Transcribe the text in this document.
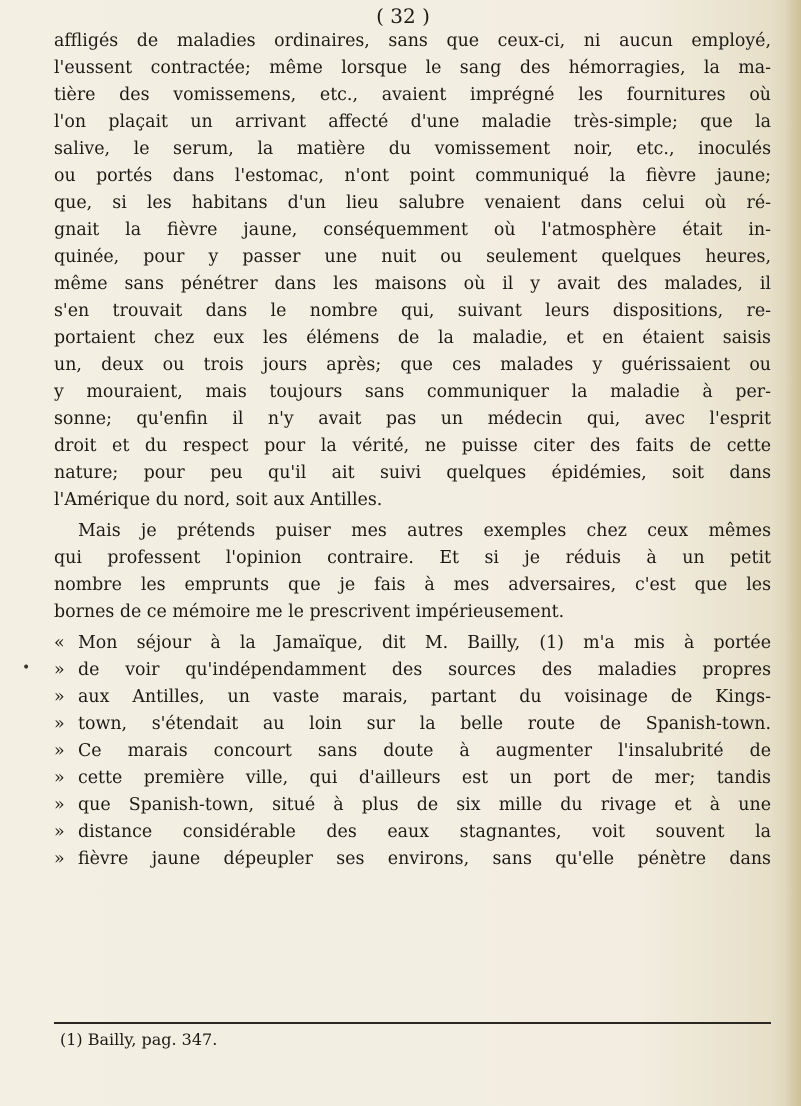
( 32 )
affligés de maladies ordinaires, sans que ceux-ci, ni aucun employé,
l'eussent contractée; même lorsque le sang des hémorragies, la ma-
tière des vomissemens, etc., avaient imprégné les fournitures où
l'on plaçait un arrivant affecté d'une maladie très-simple; que la
salive, le serum, la matière du vomissement noir, etc., inoculés
ou portés dans l'estomac, n'ont point communiqué la fièvre jaune;
que, si les habitans d'un lieu salubre venaient dans celui où ré-
gnait la fièvre jaune, conséquemment où l'atmosphère était in-
quinée, pour y passer une nuit ou seulement quelques heures,
même sans pénétrer dans les maisons où il y avait des malades, il
s'en trouvait dans le nombre qui, suivant leurs dispositions, re-
portaient chez eux les élémens de la maladie, et en étaient saisis
un, deux ou trois jours après; que ces malades y guérissaient ou
y mouraient, mais toujours sans communiquer la maladie à per-
sonne; qu'enfin il n'y avait pas un médecin qui, avec l'esprit
droit et du respect pour la vérité, ne puisse citer des faits de cette
nature; pour peu qu'il ait suivi quelques épidémies, soit dans
l'Amérique du nord, soit aux Antilles.
Mais je prétends puiser mes autres exemples chez ceux mêmes
qui professent l'opinion contraire. Et si je réduis à un petit
nombre les emprunts que je fais à mes adversaires, c'est que les
bornes de ce mémoire me le prescrivent impérieusement.
« Mon séjour à la Jamaïque, dit M. Bailly, (1) m'a mis à portée
» de voir qu'indépendamment des sources des maladies propres
» aux Antilles, un vaste marais, partant du voisinage de Kings-
» town, s'étendait au loin sur la belle route de Spanish-town.
» Ce marais concourt sans doute à augmenter l'insalubrité de
» cette première ville, qui d'ailleurs est un port de mer; tandis
» que Spanish-town, situé à plus de six mille du rivage et à une
» distance considérable des eaux stagnantes, voit souvent la
» fièvre jaune dépeupler ses environs, sans qu'elle pénètre dans
•
(1) Bailly, pag. 347.
